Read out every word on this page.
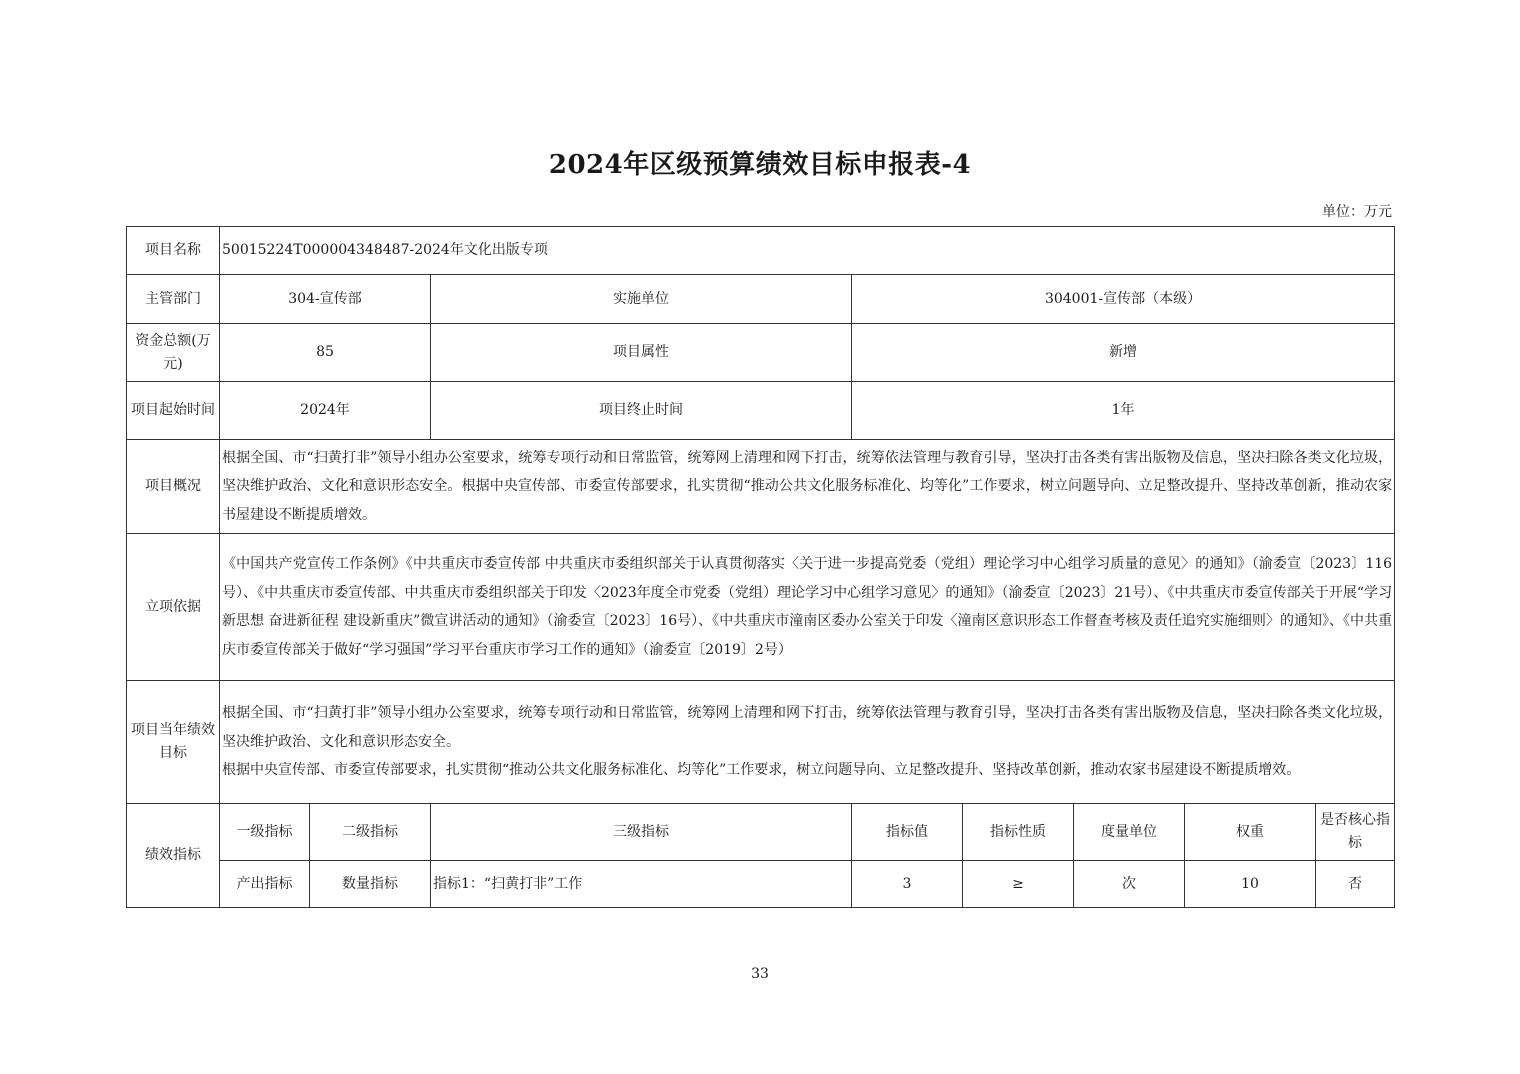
2024年区级预算绩效目标申报表-4
单位：万元
项目名称	50015224T000004348487-2024年文化出版专项							
主管部门	304-宣传部		实施单位	304001-宣传部（本级）				
资金总额(万元)	85		项目属性	新增				
项目起始时间	2024年		项目终止时间	1年				
项目概况	根据全国、市“扫黄打非”领导小组办公室要求，统筹专项行动和日常监管，统筹网上清理和网下打击，统筹依法管理与教育引导，坚决打击各类有害出版物及信息，坚决扫除各类文化垃圾，坚决维护政治、文化和意识形态安全。根据中央宣传部、市委宣传部要求，扎实贯彻“推动公共文化服务标准化、均等化”工作要求，树立问题导向、立足整改提升、坚持改革创新，推动农家书屋建设不断提质增效。							
立项依据	《中国共产党宣传工作条例》《中共重庆市委宣传部 中共重庆市委组织部关于认真贯彻落实〈关于进一步提高党委（党组）理论学习中心组学习质量的意见〉的通知》（渝委宣〔2023〕116号）、《中共重庆市委宣传部、中共重庆市委组织部关于印发〈2023年度全市党委（党组）理论学习中心组学习意见〉的通知》（渝委宣〔2023〕21号）、《中共重庆市委宣传部关于开展“学习新思想 奋进新征程 建设新重庆”微宣讲活动的通知》（渝委宣〔2023〕16号）、《中共重庆市潼南区委办公室关于印发〈潼南区意识形态工作督查考核及责任追究实施细则〉的通知》、《中共重庆市委宣传部关于做好“学习强国”学习平台重庆市学习工作的通知》（渝委宣〔2019〕2号）							
项目当年绩效目标	根据全国、市“扫黄打非”领导小组办公室要求，统筹专项行动和日常监管，统筹网上清理和网下打击，统筹依法管理与教育引导，坚决打击各类有害出版物及信息，坚决扫除各类文化垃圾，坚决维护政治、文化和意识形态安全。
根据中央宣传部、市委宣传部要求，扎实贯彻“推动公共文化服务标准化、均等化”工作要求，树立问题导向、立足整改提升、坚持改革创新，推动农家书屋建设不断提质增效。							

绩效指标	一级指标	二级指标	三级指标	指标值	指标性质	度量单位	权重	是否核心指标
	产出指标	数量指标	指标1：“扫黄打非”工作	3	≥	次	10	否
33
